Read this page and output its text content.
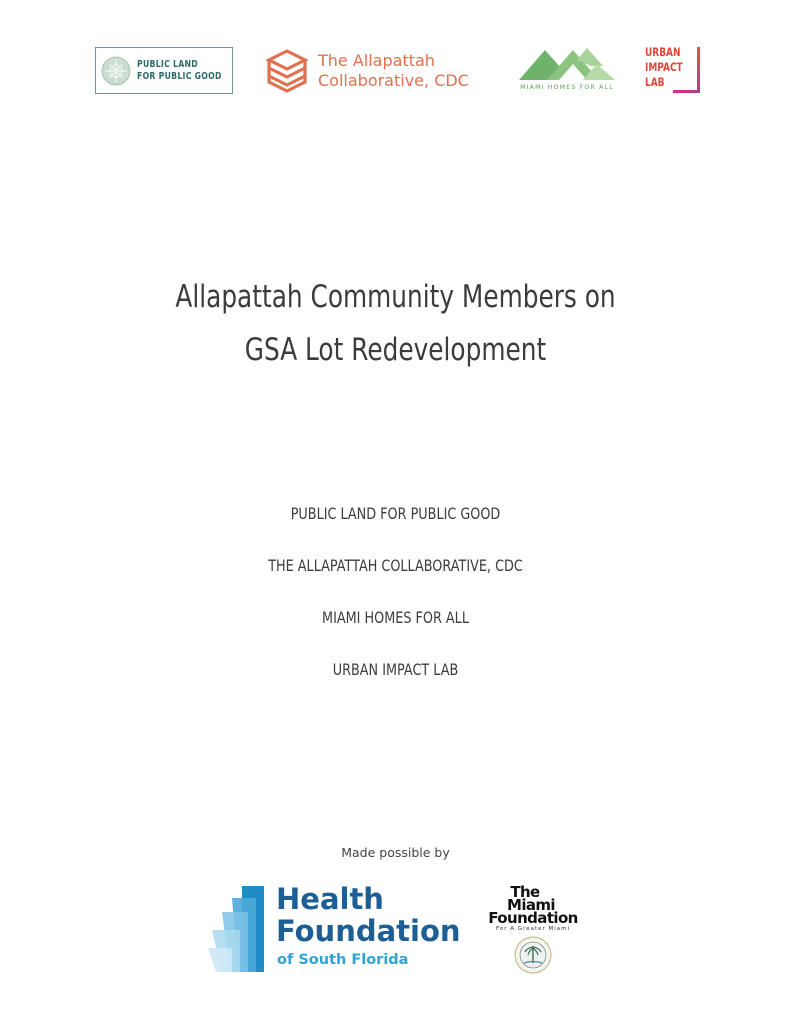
PUBLIC LAND
FOR PUBLIC GOOD
The Allapattah
Collaborative, CDC	MIAMI HOMES FOR ALL
URBAN
IMPACT
LAB
Allapattah Community Members on
GSA Lot Redevelopment
PUBLIC LAND FOR PUBLIC GOOD
THE ALLAPATTAH COLLABORATIVE, CDC
MIAMI HOMES FOR ALL
URBAN IMPACT LAB
Made possible by
Health
Foundation
of South Florida
The
Miami
Foundation
For A Greater Miami
